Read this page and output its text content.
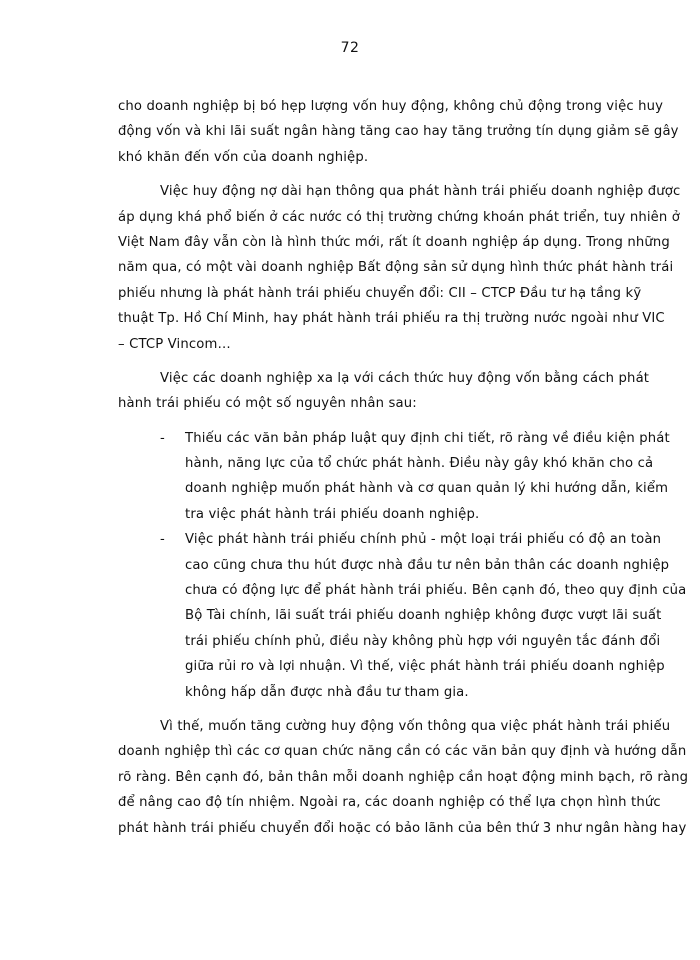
72
cho doanh nghiệp bị bó hẹp lượng vốn huy động, không chủ động trong việc huy
động vốn và khi lãi suất ngân hàng tăng cao hay tăng trưởng tín dụng giảm sẽ gây
khó khăn đến vốn của doanh nghiệp.
Việc huy động nợ dài hạn thông qua phát hành trái phiếu doanh nghiệp được
áp dụng khá phổ biến ở các nước có thị trường chứng khoán phát triển, tuy nhiên ở
Việt Nam đây vẫn còn là hình thức mới, rất ít doanh nghiệp áp dụng. Trong những
năm qua, có một vài doanh nghiệp Bất động sản sử dụng hình thức phát hành trái
phiếu nhưng là phát hành trái phiếu chuyển đổi: CII – CTCP Đầu tư hạ tầng kỹ
thuật Tp. Hồ Chí Minh, hay phát hành trái phiếu ra thị trường nước ngoài như VIC
– CTCP Vincom…
Việc các doanh nghiệp xa lạ với cách thức huy động vốn bằng cách phát
hành trái phiếu có một số nguyên nhân sau:
-	Thiếu các văn bản pháp luật quy định chi tiết, rõ ràng về điều kiện phát
hành, năng lực của tổ chức phát hành. Điều này gây khó khăn cho cả
doanh nghiệp muốn phát hành và cơ quan quản lý khi hướng dẫn, kiểm
tra việc phát hành trái phiếu doanh nghiệp.
-	Việc phát hành trái phiếu chính phủ - một loại trái phiếu có độ an toàn
cao cũng chưa thu hút được nhà đầu tư nên bản thân các doanh nghiệp
chưa có động lực để phát hành trái phiếu. Bên cạnh đó, theo quy định của
Bộ Tài chính, lãi suất trái phiếu doanh nghiệp không được vượt lãi suất
trái phiếu chính phủ, điều này không phù hợp với nguyên tắc đánh đổi
giữa rủi ro và lợi nhuận. Vì thế, việc phát hành trái phiếu doanh nghiệp
không hấp dẫn được nhà đầu tư tham gia.
Vì thế, muốn tăng cường huy động vốn thông qua việc phát hành trái phiếu
doanh nghiệp thì các cơ quan chức năng cần có các văn bản quy định và hướng dẫn
rõ ràng. Bên cạnh đó, bản thân mỗi doanh nghiệp cần hoạt động minh bạch, rõ ràng
để nâng cao độ tín nhiệm. Ngoài ra, các doanh nghiệp có thể lựa chọn hình thức
phát hành trái phiếu chuyển đổi hoặc có bảo lãnh của bên thứ 3 như ngân hàng hay
